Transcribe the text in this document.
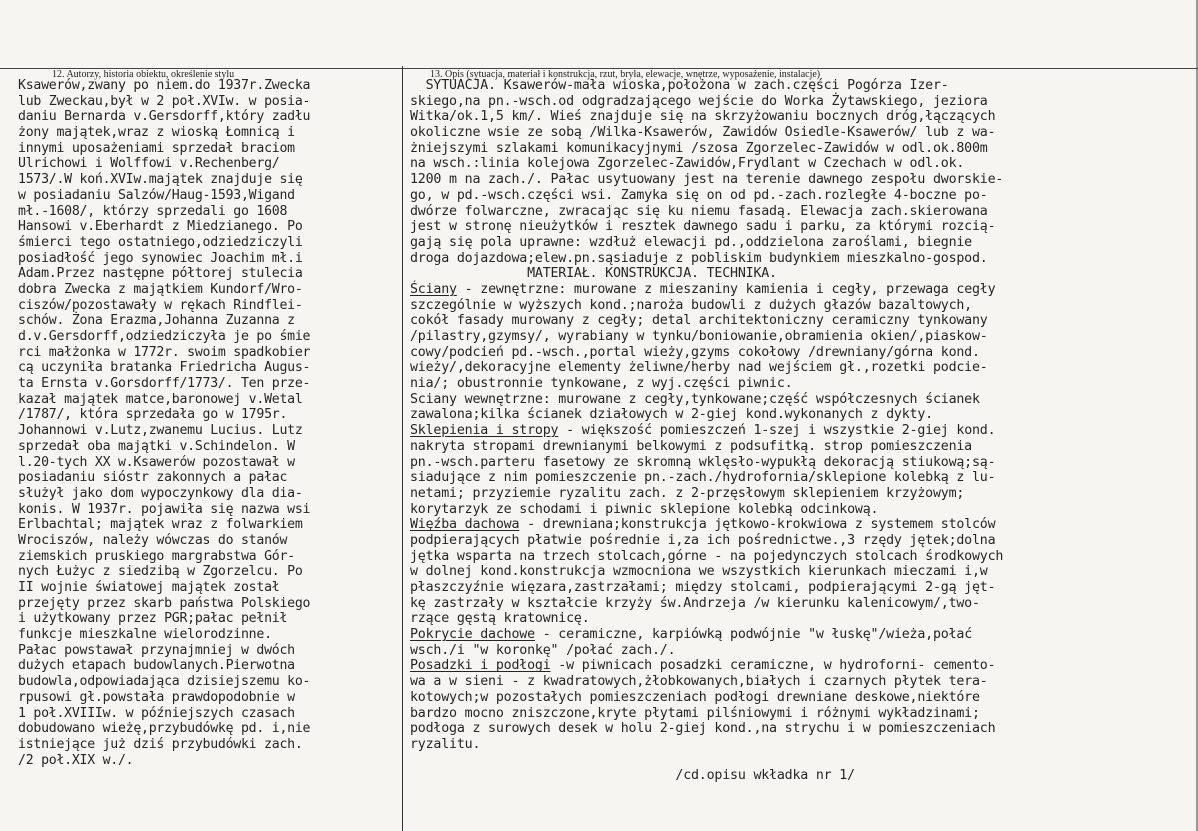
12. Autorzy, historia obiektu, określenie stylu	13. Opis (sytuacja, materiał i konstrukcja, rzut, bryła, elewacje, wnętrze, wyposażenie, instalacje)
Ksawerów,zwany po niem.do 1937r.Zwecka
lub Zweckau,był w 2 poł.XVIw. w posia-
daniu Bernarda v.Gersdorff,który zadłu
żony majątek,wraz z wioską Łomnicą i
innymi uposażeniami sprzedał braciom
Ulrichowi i Wolffowi v.Rechenberg/
1573/.W koń.XVIw.majątek znajduje się
w posiadaniu Salzów/Haug-1593,Wigand
mł.-1608/, którzy sprzedali go 1608
Hansowi v.Eberhardt z Miedzianego. Po
śmierci tego ostatniego,odziedziczyli
posiadłość jego synowiec Joachim mł.i
Adam.Przez następne półtorej stulecia
dobra Zwecka z majątkiem Kundorf/Wro-
ciszów/pozostawały w rękach Rindflei-
schów. Żona Erazma,Johanna Zuzanna z
d.v.Gersdorff,odziedziczyła je po śmie
rci małżonka w 1772r. swoim spadkobier
cą uczyniła bratanka Friedricha Augus-
ta Ernsta v.Gorsdorff/1773/. Ten prze-
kazał majątek matce,baronowej v.Wetal
/1787/, która sprzedała go w 1795r.
Johannowi v.Lutz,zwanemu Lucius. Lutz
sprzedał oba majątki v.Schindelon. W
l.20-tych XX w.Ksawerów pozostawał w
posiadaniu sióstr zakonnych a pałac
służył jako dom wypoczynkowy dla dia-
konis. W 1937r. pojawiła się nazwa wsi
Erlbachtal; majątek wraz z folwarkiem
Wrociszów, należy wówczas do stanów
ziemskich pruskiego margrabstwa Gór-
nych Łużyc z siedzibą w Zgorzelcu. Po
II wojnie światowej majątek został
przejęty przez skarb państwa Polskiego
i użytkowany przez PGR;pałac pełnił
funkcje mieszkalne wielorodzinne.
Pałac powstawał przynajmniej w dwóch
dużych etapach budowlanych.Pierwotna
budowla,odpowiadająca dzisiejszemu ko-
rpusowi gł.powstała prawdopodobnie w
1 poł.XVIIIw. w późniejszych czasach
dobudowano wieżę,przybudówkę pd. i,nie
istniejące już dziś przybudówki zach.
/2 poł.XIX w./.
SYTUACJA. Ksawerów-mała wioska,położona w zach.części Pogórza Izer-
skiego,na pn.-wsch.od odgradzającego wejście do Worka Żytawskiego, jeziora
Witka/ok.1,5 km/. Wieś znajduje się na skrzyżowaniu bocznych dróg,łączących
okoliczne wsie ze sobą /Wilka-Ksawerów, Zawidów Osiedle-Ksawerów/ lub z wa-
żniejszymi szlakami komunikacyjnymi /szosa Zgorzelec-Zawidów w odl.ok.800m
na wsch.:linia kolejowa Zgorzelec-Zawidów,Frydlant w Czechach w odl.ok.
1200 m na zach./. Pałac usytuowany jest na terenie dawnego zespołu dworskie-
go, w pd.-wsch.części wsi. Zamyka się on od pd.-zach.rozległe 4-boczne po-
dwórze folwarczne, zwracając się ku niemu fasadą. Elewacja zach.skierowana
jest w stronę nieużytków i resztek dawnego sadu i parku, za którymi rozcią-
gają się pola uprawne: wzdłuż elewacji pd.,oddzielona zaroślami, biegnie
droga dojazdowa;elew.pn.sąsiaduje z pobliskim budynkiem mieszkalno-gospod.
MATERIAŁ. KONSTRUKCJA. TECHNIKA.
Ściany - zewnętrzne: murowane z mieszaniny kamienia i cegły, przewaga cegły
szczególnie w wyższych kond.;naroża budowli z dużych głazów bazaltowych,
cokół fasady murowany z cegły; detal architektoniczny ceramiczny tynkowany
/pilastry,gzymsy/, wyrabiany w tynku/boniowanie,obramienia okien/,piaskow-
cowy/podcień pd.-wsch.,portal wieży,gzyms cokołowy /drewniany/górna kond.
wieży/,dekoracyjne elementy żeliwne/herby nad wejściem gł.,rozetki podcie-
nia/; obustronnie tynkowane, z wyj.części piwnic.
Sciany wewnętrzne: murowane z cegły,tynkowane;część współczesnych ścianek
zawalona;kilka ścianek działowych w 2-giej kond.wykonanych z dykty.
Sklepienia i stropy - większość pomieszczeń 1-szej i wszystkie 2-giej kond.
nakryta stropami drewnianymi belkowymi z podsufitką. strop pomieszczenia
pn.-wsch.parteru fasetowy ze skromną wklęsło-wypukłą dekoracją stiukową;są-
siadujące z nim pomieszczenie pn.-zach./hydrofornia/sklepione kolebką z lu-
netami; przyziemie ryzalitu zach. z 2-przęsłowym sklepieniem krzyżowym;
korytarzyk ze schodami i piwnic sklepione kolebką odcinkową.
Więźba dachowa - drewniana;konstrukcja jętkowo-krokwiowa z systemem stolców
podpierających płatwie pośrednie i,za ich pośrednictwe.,3 rzędy jętek;dolna
jętka wsparta na trzech stolcach,górne - na pojedynczych stolcach środkowych
w dolnej kond.konstrukcja wzmocniona we wszystkich kierunkach mieczami i,w
płaszczyźnie więzara,zastrzałami; między stolcami, podpierającymi 2-gą jęt-
kę zastrzały w kształcie krzyży św.Andrzeja /w kierunku kalenicowym/,two-
rzące gęstą kratownicę.
Pokrycie dachowe - ceramiczne, karpiówką podwójnie "w łuskę"/wieża,połać
wsch./i "w koronkę" /połać zach./.
Posadzki i podłogi -w piwnicach posadzki ceramiczne, w hydroforni- cemento-
wa a w sieni - z kwadratowych,żłobkowanych,białych i czarnych płytek tera-
kotowych;w pozostałych pomieszczeniach podłogi drewniane deskowe,niektóre
bardzo mocno zniszczone,kryte płytami pilśniowymi i różnymi wykładzinami;
podłoga z surowych desek w holu 2-giej kond.,na strychu i w pomieszczeniach
ryzalitu.
/cd.opisu wkładka nr 1/
